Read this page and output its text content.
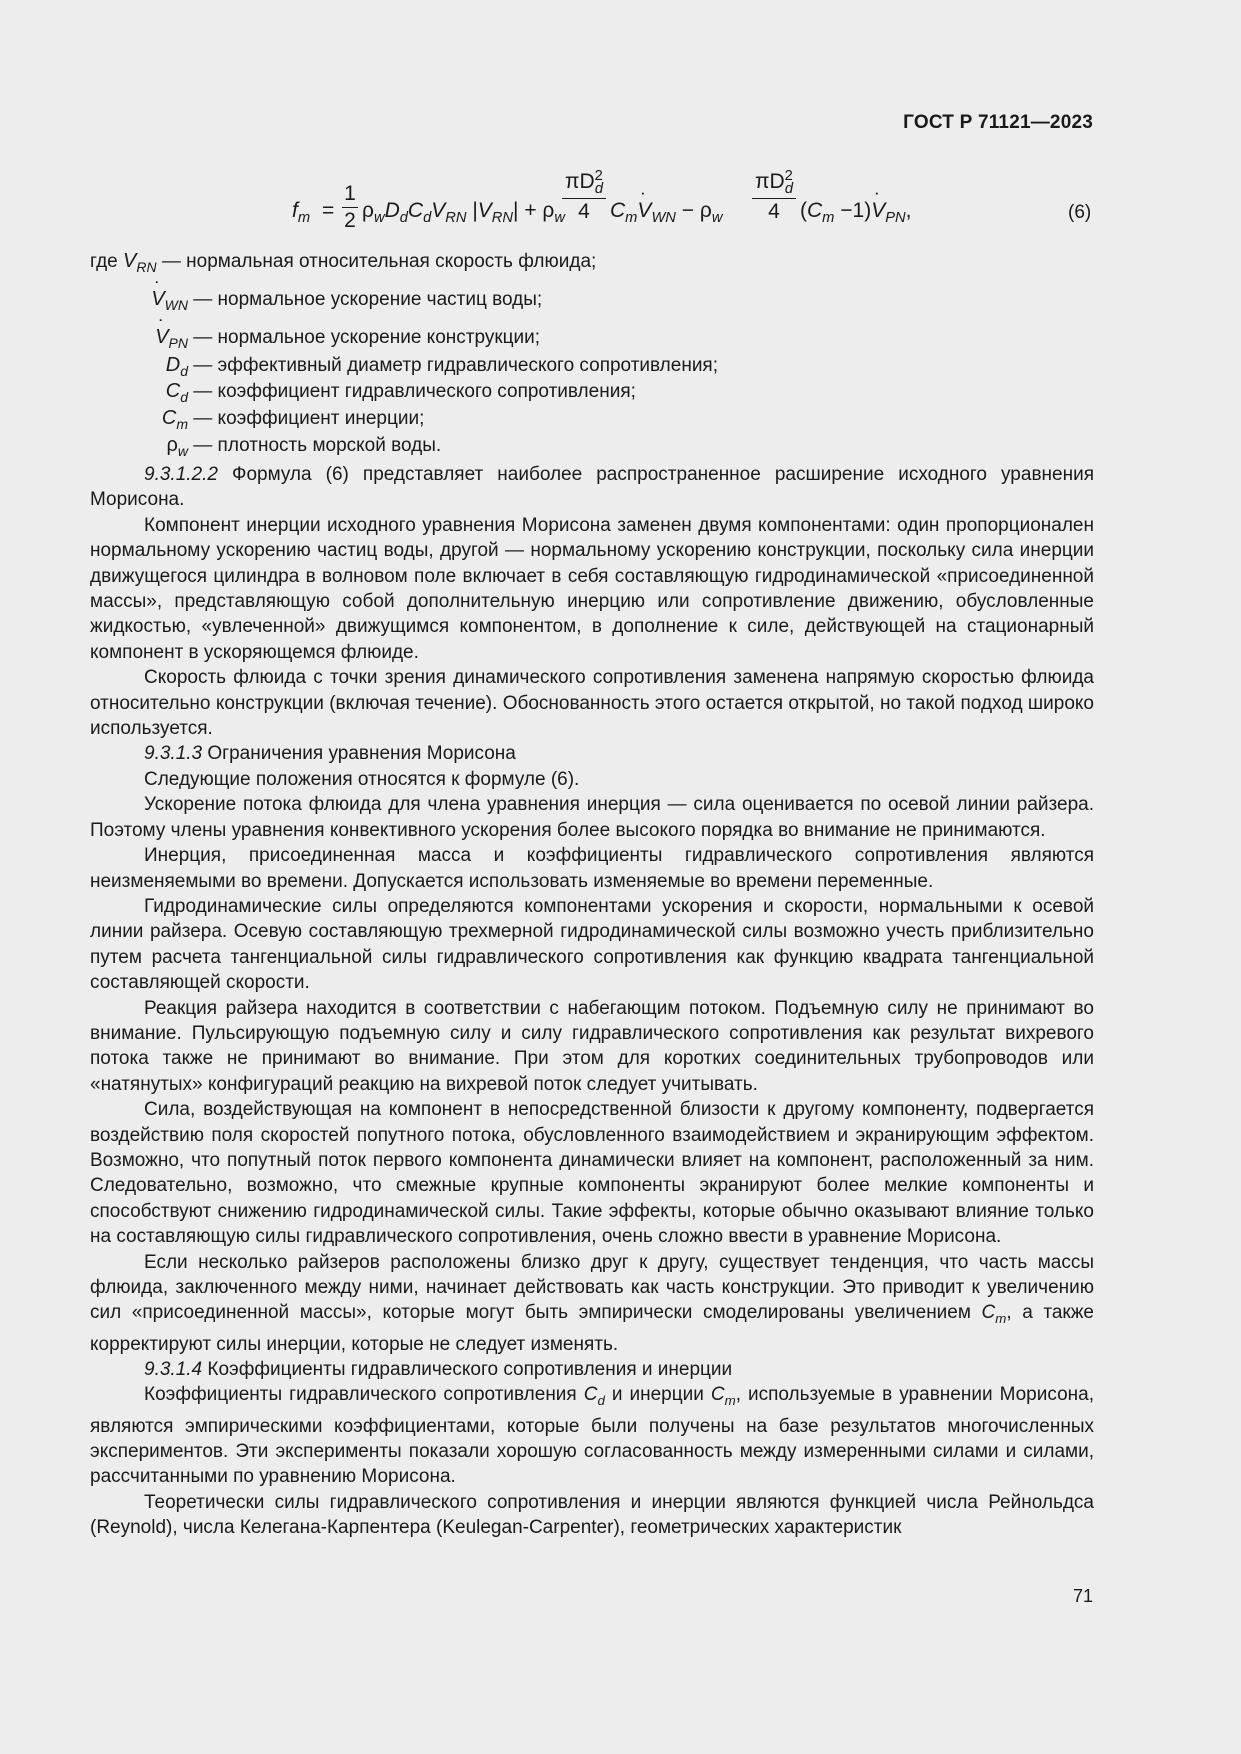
ГОСТ Р 71121—2023
$f_m$ =
1
2 $\rho_wD_dC_dV_{RN}$ $|V_{RN}| + \rho_w$
$\pi D^2_d$
4 $C_m˙$ $V_{WN} - \rho_w$
$\pi D^2_d$
4 ($C_m$ −1)˙ $V_{PN}$,	(6)
где $V_{RN}$ — нормальная относительная скорость флюида;
˙ $V_{WN}$ — нормальное ускорение частиц воды;
˙ $V_{PN}$ — нормальное ускорение конструкции;
$D_d$ — эффективный диаметр гидравлического сопротивления;
$C_d$ — коэффициент гидравлического сопротивления;
$C_m$ — коэффициент инерции;
$\rho_w$ — плотность морской воды.

9.3.1.2.2 Формула (6) представляет наиболее распространенное расширение исходного уравнения Морисона.

Компонент инерции исходного уравнения Морисона заменен двумя компонентами: один пропорционален нормальному ускорению частиц воды, другой — нормальному ускорению конструкции, поскольку сила инерции движущегося цилиндра в волновом поле включает в себя составляющую гидродинамической «присоединенной массы», представляющую собой дополнительную инерцию или сопротивление движению, обусловленные жидкостью, «увлеченной» движущимся компонентом, в дополнение к силе, действующей на стационарный компонент в ускоряющемся флюиде.

Скорость флюида с точки зрения динамического сопротивления заменена напрямую скоростью флюида относительно конструкции (включая течение). Обоснованность этого остается открытой, но такой подход широко используется.

9.3.1.3 Ограничения уравнения Морисона

Следующие положения относятся к формуле (6).

Ускорение потока флюида для члена уравнения инерция — сила оценивается по осевой линии райзера. Поэтому члены уравнения конвективного ускорения более высокого порядка во внимание не принимаются.

Инерция, присоединенная масса и коэффициенты гидравлического сопротивления являются неизменяемыми во времени. Допускается использовать изменяемые во времени переменные.

Гидродинамические силы определяются компонентами ускорения и скорости, нормальными к осевой линии райзера. Осевую составляющую трехмерной гидродинамической силы возможно учесть приблизительно путем расчета тангенциальной силы гидравлического сопротивления как функцию квадрата тангенциальной составляющей скорости.

Реакция райзера находится в соответствии с набегающим потоком. Подъемную силу не принимают во внимание. Пульсирующую подъемную силу и силу гидравлического сопротивления как результат вихревого потока также не принимают во внимание. При этом для коротких соединительных трубопроводов или «натянутых» конфигураций реакцию на вихревой поток следует учитывать.

Сила, воздействующая на компонент в непосредственной близости к другому компоненту, подвергается воздействию поля скоростей попутного потока, обусловленного взаимодействием и экранирующим эффектом. Возможно, что попутный поток первого компонента динамически влияет на компонент, расположенный за ним. Следовательно, возможно, что смежные крупные компоненты экранируют более мелкие компоненты и способствуют снижению гидродинамической силы. Такие эффекты, которые обычно оказывают влияние только на составляющую силы гидравлического сопротивления, очень сложно ввести в уравнение Морисона.

Если несколько райзеров расположены близко друг к другу, существует тенденция, что часть массы флюида, заключенного между ними, начинает действовать как часть конструкции. Это приводит к увеличению сил «присоединенной массы», которые могут быть эмпирически смоделированы увеличением $C_m$, а также корректируют силы инерции, которые не следует изменять.

9.3.1.4 Коэффициенты гидравлического сопротивления и инерции

Коэффициенты гидравлического сопротивления $C_d$ и инерции $C_m$, используемые в уравнении Морисона, являются эмпирическими коэффициентами, которые были получены на базе результатов многочисленных экспериментов. Эти эксперименты показали хорошую согласованность между измеренными силами и силами, рассчитанными по уравнению Морисона.

Теоретически силы гидравлического сопротивления и инерции являются функцией числа Рейнольдса (Reynold), числа Келегана-Карпентера (Keulegan-Carpenter), геометрических характеристик

71
